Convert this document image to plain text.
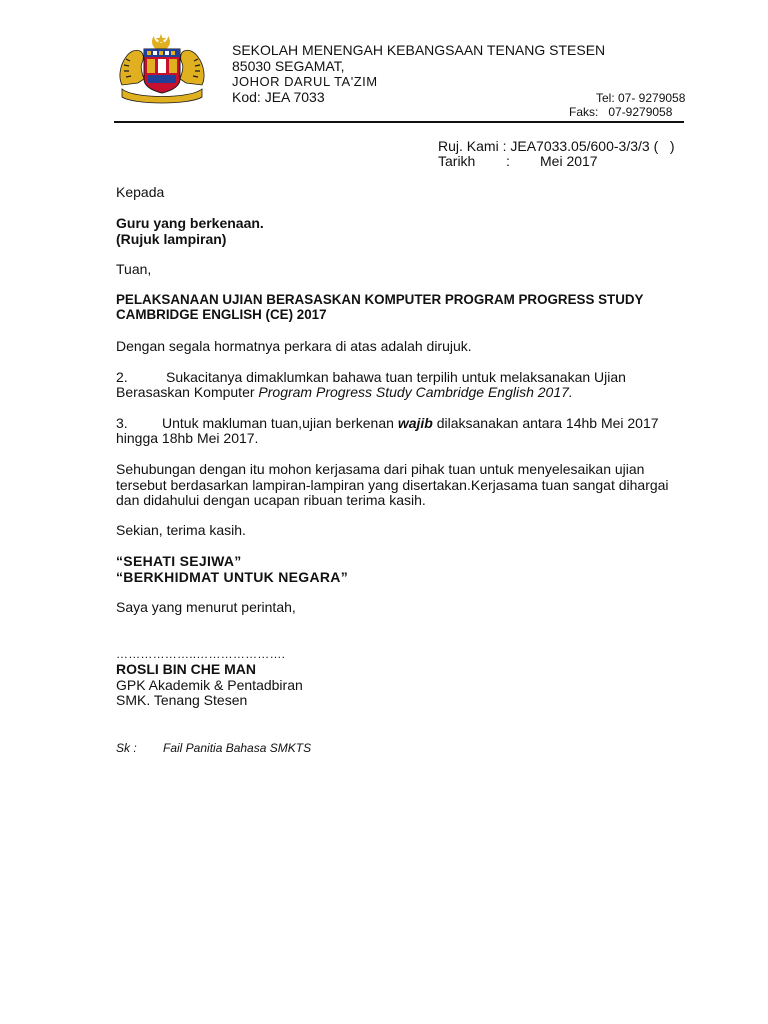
SEKOLAH MENENGAH KEBANGSAAN TENANG STESEN
85030 SEGAMAT,
JOHOR DARUL TA'ZIM
Kod: JEA 7033	Tel: 07- 9279058
Faks:   07-9279058
Ruj. Kami : JEA7033.05/600-3/3/3 (   )
Tarikh : Mei 2017
Kepada
Guru yang berkenaan.
(Rujuk lampiran)
Tuan,
PELAKSANAAN UJIAN BERASASKAN KOMPUTER PROGRAM PROGRESS STUDY
CAMBRIDGE ENGLISH (CE) 2017
Dengan segala hormatnya perkara di atas adalah dirujuk.
2.	Sukacitanya dimaklumkan bahawa tuan terpilih untuk melaksanakan Ujian
Berasaskan Komputer Program Progress Study Cambridge English 2017.
3. Untuk makluman tuan,ujian berkenan wajib dilaksanakan antara 14hb Mei 2017
hingga 18hb Mei 2017.
Sehubungan dengan itu mohon kerjasama dari pihak tuan untuk menyelesaikan ujian
tersebut berdasarkan lampiran-lampiran yang disertakan.Kerjasama tuan sangat dihargai
dan didahului dengan ucapan ribuan terima kasih.
Sekian, terima kasih.
“SEHATI SEJIWA”
“BERKHIDMAT UNTUK NEGARA”
Saya yang menurut perintah,
………………..………………….
ROSLI BIN CHE MAN
GPK Akademik & Pentadbiran
SMK. Tenang Stesen
Sk : Fail Panitia Bahasa SMKTS
